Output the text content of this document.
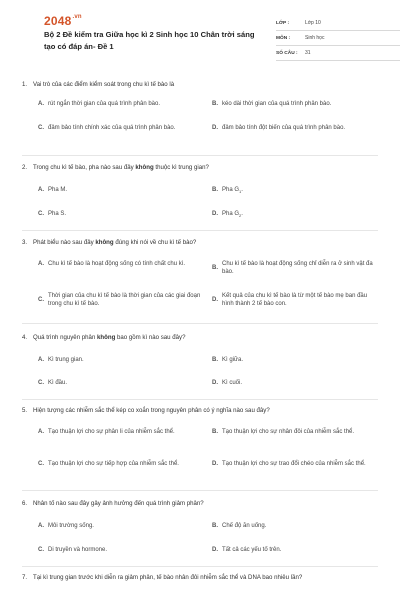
$2048^{.vn}$
Bộ 2 Đề kiểm tra Giữa học kì 2 Sinh học 10 Chân trời sáng tạo có đáp án- Đề 1
LỚP :	Lớp 10
MÔN :	Sinh học
SỐ CÂU :	31
1. Vai trò của các điểm kiểm soát trong chu kì tế bào là
A. rút ngắn thời gian của quá trình phân bào.	B. kéo dài thời gian của quá trình phân bào.
C. đảm bảo tính chính xác của quá trình phân bào.	D. đảm bảo tính đột biến của quá trình phân bào.
2. Trong chu kì tế bào, pha nào sau đây không thuộc kì trung gian?
A. Pha M.	B. Pha $G_1$.
C. Pha S.	D. Pha $G_2$.
3. Phát biểu nào sau đây không đúng khi nói về chu kì tế bào?
A. Chu kì tế bào là hoạt động sống có tính chất chu kì.
B.
Chu kì tế bào là hoạt động sống chỉ diễn ra ở sinh vật đa bào.
C.
Thời gian của chu kì tế bào là thời gian của các giai đoạn trong chu kì tế bào.
D.
Kết quả của chu kì tế bào là từ một tế bào mẹ ban đầu hình thành 2 tế bào con.
4. Quá trình nguyên phân không bao gồm kì nào sau đây?
A. Kì trung gian.	B. Kì giữa.
C. Kì đầu.	D. Kì cuối.
5. Hiện tượng các nhiễm sắc thể kép co xoắn trong nguyên phân có ý nghĩa nào sau đây?
A. Tạo thuận lợi cho sự phân li của nhiễm sắc thể.	B. Tạo thuận lợi cho sự nhân đôi của nhiễm sắc thể.
C. Tạo thuận lợi cho sự tiếp hợp của nhiễm sắc thể.	D. Tạo thuận lợi cho sự trao đổi chéo của nhiễm sắc thể.
6. Nhân tố nào sau đây gây ảnh hưởng đến quá trình giảm phân?
A. Môi trường sống.	B. Chế độ ăn uống.
C. Di truyền và hormone.	D. Tất cả các yếu tố trên.
7. Tại kì trung gian trước khi diễn ra giảm phân, tế bào nhân đôi nhiễm sắc thể và DNA bao nhiêu lần?
